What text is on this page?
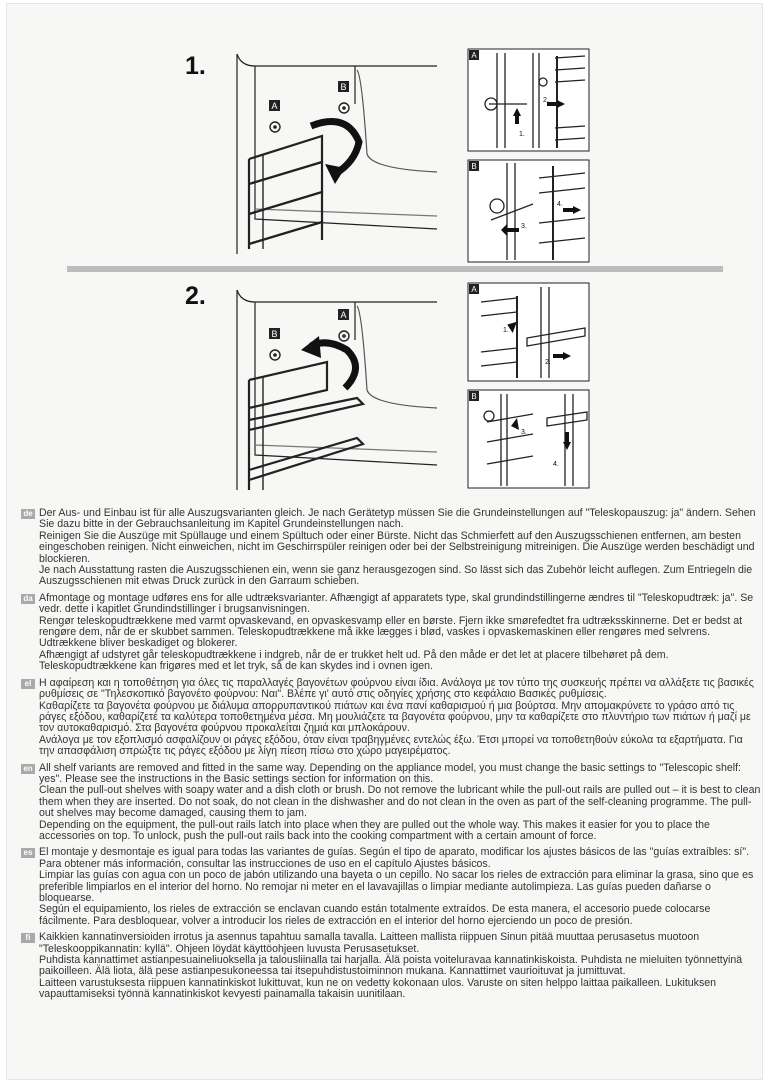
1.
A
B
A
B
1.
2.
3.
4.
2.
B
A
A
B
1.
2.
3.
4.
de Der Aus- und Einbau ist für alle Auszugsvarianten gleich. Je nach Gerätetyp müssen Sie die Grundeinstellungen auf "Teleskopauszug: ja" ändern. Sehen Sie dazu bitte in der Gebrauchsanleitung im Kapitel Grundeinstellungen nach.

Reinigen Sie die Auszüge mit Spüllauge und einem Spültuch oder einer Bürste. Nicht das Schmierfett auf den Auszugsschienen entfernen, am besten eingeschoben reinigen. Nicht einweichen, nicht im Geschirrspüler reinigen oder bei der Selbstreinigung mitreinigen. Die Auszüge werden beschädigt und blockieren.

Je nach Ausstattung rasten die Auszugsschienen ein, wenn sie ganz herausgezogen sind. So lässt sich das Zubehör leicht auflegen. Zum Entriegeln die Auszugsschienen mit etwas Druck zurück in den Garraum schieben.

da Afmontage og montage udføres ens for alle udtræksvarianter. Afhængigt af apparatets type, skal grundindstillingerne ændres til "Teleskopudtræk: ja". Se vedr. dette i kapitlet Grundindstillinger i brugsanvisningen.

Rengør teleskopudtrækkene med varmt opvaskevand, en opvaskesvamp eller en børste. Fjern ikke smørefedtet fra udtræksskinnerne. Det er bedst at rengøre dem, når de er skubbet sammen. Teleskopudtrækkene må ikke lægges i blød, vaskes i opvaskemaskinen eller rengøres med selvrens. Udtrækkene bliver beskadiget og blokerer.

Afhængigt af udstyret går teleskopudtrækkene i indgreb, når de er trukket helt ud. På den måde er det let at placere tilbehøret på dem. Teleskopudtrækkene kan frigøres med et let tryk, så de kan skydes ind i ovnen igen.

el Η αφαίρεση και η τοποθέτηση για όλες τις παραλλαγές βαγονέτων φούρνου είναι ίδια. Ανάλογα με τον τύπο της συσκευής πρέπει να αλλάξετε τις βασικές ρυθμίσεις σε "Τηλεσκοπικό βαγονέτο φούρνου: Ναι". Βλέπε γι' αυτό στις οδηγίες χρήσης στο κεφάλαιο Βασικές ρυθμίσεις.

Καθαρίζετε τα βαγονέτα φούρνου με διάλυμα απορρυπαντικού πιάτων και ένα πανί καθαρισμού ή μια βούρτσα. Μην απομακρύνετε το γράσο από τις ράγες εξόδου, καθαρίζετέ τα καλύτερα τοποθετημένα μέσα. Μη μουλιάζετε τα βαγονέτα φούρνου, μην τα καθαρίζετε στο πλυντήριο των πιάτων ή μαζί με τον αυτοκαθαρισμό. Στα βαγονέτα φούρνου προκαλείται ζημιά και μπλοκάρουν.

Ανάλογα με τον εξοπλισμό ασφαλίζουν οι ράγες εξόδου, όταν είναι τραβηγμένες εντελώς έξω. Έτσι μπορεί να τοποθετηθούν εύκολα τα εξαρτήματα. Για την απασφάλιση σπρώξτε τις ράγες εξόδου με λίγη πίεση πίσω στο χώρο μαγειρέματος.

en All shelf variants are removed and fitted in the same way. Depending on the appliance model, you must change the basic settings to "Telescopic shelf: yes". Please see the instructions in the Basic settings section for information on this.

Clean the pull-out shelves with soapy water and a dish cloth or brush. Do not remove the lubricant while the pull-out rails are pulled out – it is best to clean them when they are inserted. Do not soak, do not clean in the dishwasher and do not clean in the oven as part of the self-cleaning programme. The pull-out shelves may become damaged, causing them to jam.

Depending on the equipment, the pull-out rails latch into place when they are pulled out the whole way. This makes it easier for you to place the accessories on top. To unlock, push the pull-out rails back into the cooking compartment with a certain amount of force.

es El montaje y desmontaje es igual para todas las variantes de guías. Según el tipo de aparato, modificar los ajustes básicos de las "guías extraíbles: sí". Para obtener más información, consultar las instrucciones de uso en el capítulo Ajustes básicos.

Limpiar las guías con agua con un poco de jabón utilizando una bayeta o un cepillo. No sacar los rieles de extracción para eliminar la grasa, sino que es preferible limpiarlos en el interior del horno. No remojar ni meter en el lavavajillas o limpiar mediante autolimpieza. Las guías pueden dañarse o bloquearse.

Según el equipamiento, los rieles de extracción se enclavan cuando están totalmente extraídos. De esta manera, el accesorio puede colocarse fácilmente. Para desbloquear, volver a introducir los rieles de extracción en el interior del horno ejerciendo un poco de presión.

fi Kaikkien kannatinversioiden irrotus ja asennus tapahtuu samalla tavalla. Laitteen mallista riippuen Sinun pitää muuttaa perusasetus muotoon "Teleskooppikannatin: kyllä". Ohjeen löydät käyttöohjeen luvusta Perusasetukset.

Puhdista kannattimet astianpesuaineliuoksella ja talousliinalla tai harjalla. Älä poista voiteluravaa kannatinkiskoista. Puhdista ne mieluiten työnnettyinä paikoilleen. Älä liota, älä pese astianpesukoneessa tai itsepuhdistustoiminnon mukana. Kannattimet vaurioituvat ja jumittuvat.

Laitteen varustuksesta riippuen kannatinkiskot lukittuvat, kun ne on vedetty kokonaan ulos. Varuste on siten helppo laittaa paikalleen. Lukituksen vapauttamiseksi työnnä kannatinkiskot kevyesti painamalla takaisin uunitilaan.
